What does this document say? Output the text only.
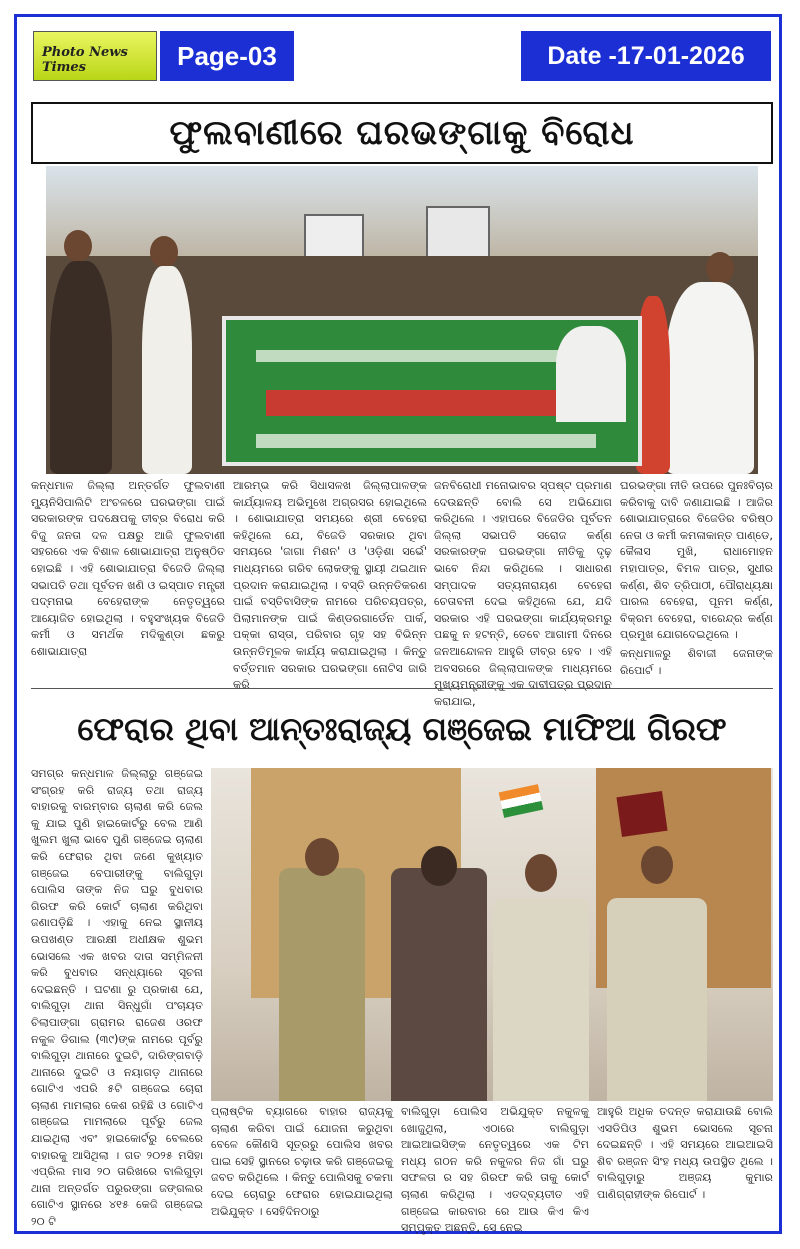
Photo News Times	Page-03	Date -17-01-2026
ଫୁଲବାଣୀରେ ଘରଭଙ୍ଗାକୁ ବିରୋଧ
କନ୍ଧମାଳ ଜିଲ୍ଲା ଅନ୍ତର୍ଗତ ଫୁଲବାଣୀ ମ୍ୟୁନିସିପାଲିଟି ଅଂଚଳରେ ଘରଭଙ୍ଗା ପାଇଁ ସରକାରଙ୍କ ପଦକ୍ଷେପକୁ ତୀବ୍ର ବିରୋଧ କରି ବିଜୁ ଜନତା ଦଳ ପକ୍ଷରୁ ଆଜି ଫୁଲବାଣୀ ସହରରେ ଏକ ବିଶାଳ ଶୋଭାଯାତ୍ରା ଅନୁଷ୍ଠିତ ହୋଇଛି । ଏହି ଶୋଭାଯାତ୍ରା ବିଜେଡି ଜିଲ୍ଲା ସଭାପତି ତଥା ପୂର୍ବତନ ଖଣି ଓ ଇସ୍ପାତ ମନ୍ତ୍ରୀ ପଦ୍ମନାଭ ବେହେରାଙ୍କ ନେତୃତ୍ୱରେ ଆୟୋଜିତ ହୋଇଥିଲା । ବହୁସଂଖ୍ୟକ ବିଜେଡି କର୍ମୀ ଓ ସମର୍ଥକ ମଦିକୁଣ୍ଡା ଛକରୁ ଶୋଭାଯାତ୍ରା
ଆରମ୍ଭ କରି ସିଧାସଳଖ ଜିଲ୍ଲାପାଳଙ୍କ କାର୍ଯ୍ୟାଳୟ ଅଭିମୁଖେ ଅଗ୍ରସର ହୋଇଥିଲେ । ଶୋଭାଯାତ୍ରା ସମୟରେ ଶ୍ରୀ ବେହେରା କହିଥିଲେ ଯେ, ବିଜେଡି ସରକାର ଥିବା ସମୟରେ 'ଜାଗା ମିଶନ' ଓ 'ଓଡ଼ିଶା ସର୍ଭେ' ମାଧ୍ୟମରେ ଗରିବ ଲୋକଙ୍କୁ ସ୍ଥାୟୀ ଥଇଥାନ ପ୍ରଦାନ କରାଯାଇଥିଲା । ବସ୍ତି ଉନ୍ନତିକରଣ ପାଇଁ ବସ୍ତିବାସିଙ୍କ ନାମରେ ପରିଚୟପତ୍ର, ପିଲାମାନଙ୍କ ପାଇଁ କିଣ୍ଡରଗାର୍ଡେନ ପାର୍କ, ପକ୍କା ରାସ୍ତା, ପରିବାର ଗୃହ ସହ ବିଭିନ୍ନ ଉନ୍ନତିମୂଳକ କାର୍ଯ୍ୟ କରାଯାଇଥିଲା । କିନ୍ତୁ ବର୍ତ୍ତମାନ ସରକାର ଘରଭଙ୍ଗା ନୋଟିସ ଜାରି କରି
ଜନବିରୋଧୀ ମନୋଭାବର ସ୍ପଷ୍ଟ ପ୍ରମାଣ ଦେଉଛନ୍ତି ବୋଲି ସେ ଅଭିଯୋଗ କରିଥିଲେ । ଏହାପରେ ବିଜେଡିର ପୂର୍ବତନ ଜିଲ୍ଲା ସଭାପତି ସରୋଜ କର୍ଣ୍ଣ ସରକାରଙ୍କ ଘରଭଙ୍ଗା ନୀତିକୁ ଦୃଢ଼ ଭାବେ ନିନ୍ଦା କରିଥିଲେ । ସାଧାରଣ ସମ୍ପାଦକ ସତ୍ୟନାରାୟଣ ବେହେରା ଚେତାବନୀ ଦେଇ କହିଥିଲେ ଯେ, ଯଦି ସରକାର ଏହି ଘରଭଙ୍ଗା କାର୍ଯ୍ୟକ୍ରମରୁ ପଛକୁ ନ ହଟନ୍ତି, ତେବେ ଆଗାମୀ ଦିନରେ ଜନଆନ୍ଦୋଳନ ଆହୁରି ତୀବ୍ର ହେବ । ଏହି ଅବସରରେ ଜିଲ୍ଲାପାଳଙ୍କ ମାଧ୍ୟମରେ ମୁଖ୍ୟମନ୍ତ୍ରୀଙ୍କୁ ଏକ ଦାବୀପତ୍ର ପ୍ରଦାନ କରାଯାଇ,
ଘରଭଙ୍ଗା ନୀତି ଉପରେ ପୁନଃବିଚାର କରିବାକୁ ଦାବି ଜଣାଯାଇଛି । ଆଜିର ଶୋଭାଯାତ୍ରାରେ ବିଜେଡିର ବରିଷ୍ଠ ନେତା ଓ କର୍ମୀ କମଳାକାନ୍ତ ପାଣ୍ଡେ, କୈଳାସ ମୁଖି, ରାଧାମୋହନ ମହାପାତ୍ର, ବିମଳ ପାତ୍ର, ସୁଧୀର କର୍ଣ୍ଣ, ଶିବ ତ୍ରିପାଠୀ, ପୌରାଧ୍ୟକ୍ଷା ପାରଲ ବେହେରା, ପୂନମ କର୍ଣ୍ଣ, ବିକ୍ରମ ବେହେରା, ବାରେନ୍ଦ୍ର କର୍ଣ୍ଣ ପ୍ରମୁଖ ଯୋଗଦେଇଥିଲେ ।
କନ୍ଧମାଳରୁ ଶିବାଜୀ ଜେନାଙ୍କ ରିପୋର୍ଟ ।
ଫେରାର ଥିବା ଆନ୍ତଃରାଜ୍ୟ ଗଞ୍ଜେଇ ମାଫିଆ ଗିରଫ
ସମଗ୍ର କନ୍ଧମାଳ ଜିଲ୍ଲାରୁ ଗଞ୍ଜେଇ ସଂଗ୍ରହ କରି ରାଜ୍ୟ ତଥା ରାଜ୍ୟ ବାହାରକୁ ବାରମ୍ବାର ଚାଲାଣ କରି ଜେଲ କୁ ଯାଇ ପୁଣି ହାଇକୋର୍ଟରୁ ବେଲ ଆଣି ଖୁଲମ ଖୁଲା ଭାବେ ପୁଣି ଗଞ୍ଜେଇ ଚାଲାଣ କରି ଫେରାର ଥିବା ଜଣେ କୁଖ୍ୟାତ ଗଞ୍ଜେଇ ବେପାରୀଙ୍କୁ ବାଲିଗୁଡ଼ା ପୋଲିସ ତାଙ୍କ ନିଜ ଘରୁ ବୁଧବାର ଗିରଫ କରି କୋର୍ଟ ଚାଲାଣ କରିଥିବା ଜଣାପଡ଼ିଛି । ଏହାକୁ ନେଇ ସ୍ଥାନୀୟ ଉପଖଣ୍ଡ ଆରକ୍ଷୀ ଅଧୀକ୍ଷକ ଶୁଭମ ଭୋସଲେ ଏକ ଖବର ଦାତା ସମ୍ମିଳନୀ କରି ବୁଧବାର ସନ୍ଧ୍ୟାରେ ସୂଚନା ଦେଇଛନ୍ତି । ଘଟଣା ରୁ ପ୍ରକାଶ ଯେ, ବାଲିଗୁଡ଼ା ଥାନା ସିନ୍ଧୁଗାଁ ପଂଚାୟତ ଚିଲାପାଙ୍ଗା ଗ୍ରାମର ରାଜେଶ ଓରଫ ନକୁଳ ଡିଗାଲ (୩୯)ଙ୍କ ନାମରେ ପୂର୍ବରୁ ବାଲିଗୁଡ଼ା ଥାନାରେ ଦୁଇଟି, ଦାରିଙ୍ଗବାଡ଼ି ଥାନାରେ ଦୁଇଟି ଓ ନୟାଗଡ଼ ଥାନାରେ ଗୋଟିଏ ଏପରି ୫ଟି ଗଞ୍ଜେଇ ଚୋରା ଚାଲାଣ ମାମଲାର କେଶ ରହିଛି ଓ ଗୋଟିଏ ଗଞ୍ଜେଇ ମାମଲାରେ ପୂର୍ବରୁ ଜେଲ ଯାଇଥିଲା ଏବଂ ହାଇକୋର୍ଟରୁ ବେଲରେ ବାହାରକୁ ଆସିଥିଲା । ଗତ ୨୦୨୫ ମସିହା ଏପ୍ରିଲ ମାସ ୨୦ ତାରିଖରେ ବାଲିଗୁଡ଼ା ଥାନା ଅନ୍ତର୍ଗତ ପରୁରଙ୍ଗା ଜଙ୍ଗଲର ଗୋଟିଏ ସ୍ଥାନରେ ୪୧୫ କେଜି ଗଞ୍ଜେଇ ୨୦ ଟି
ପ୍ଲାଷ୍ଟିକ ବ୍ୟାଗରେ ବାହାର ରାଜ୍ୟକୁ ଚାଲାଣ କରିବା ପାଇଁ ଯୋଜନା କରୁଥିବା ବେଳେ କୌଣସି ସୂତ୍ରରୁ ପୋଲିସ ଖବର ପାଇ ସେହି ସ୍ଥାନରେ ଚଢ଼ାଉ କରି ଗଞ୍ଜେଇକୁ ଜବତ କରିଥିଲେ । କିନ୍ତୁ ପୋଲିସକୁ ଚକମା ଦେଇ ଚୋରାରୁ ଫେରାର ହୋଇଯାଇଥିଲା ଅଭିଯୁକ୍ତ । ସେହିଦିନଠାରୁ
ବାଲିଗୁଡ଼ା ପୋଲିସ ଅଭିଯୁକ୍ତ ନକୁଳକୁ ଖୋଜୁଥିଲା, ଏଠାରେ ବାଲିଗୁଡ଼ା ଆଇଆଇସିଙ୍କ ନେତୃତ୍ୱରେ ଏକ ଟିମ ମଧ୍ୟ ଗଠନ କରି ନକୁଳର ନିଜ ଗାଁ ଘରୁ ସଫଳତା ର ସହ ଗିରଫ କରି ତାକୁ କୋର୍ଟ ଚାଲାଣ କରିଥିଲା । ଏତଦ୍ବ୍ୟତୀତ ଏହି ଗଞ୍ଜେଇ କାରବାର ରେ ଆଉ କିଏ କିଏ ସମ୍ପୃକ୍ତ ଅଛନ୍ତି, ସେ ନେଇ
ଆହୁରି ଅଧିକ ତଦନ୍ତ କରାଯାଉଛି ବୋଲି ଏସଡିପିଓ ଶୁଭମ ଭୋସଲେ ସୂଚନା ଦେଇଛନ୍ତି । ଏହି ସମୟରେ ଆଇଆଇସି ଶିବ ରଞ୍ଜନ ସିଂହ ମଧ୍ୟ ଉପସ୍ଥିତ ଥିଲେ । ବାଲିଗୁଡ଼ାରୁ ଅଞ୍ଜୟ କୁମାର ପାଣିଗ୍ରାହୀଙ୍କ ରିପୋର୍ଟ ।
